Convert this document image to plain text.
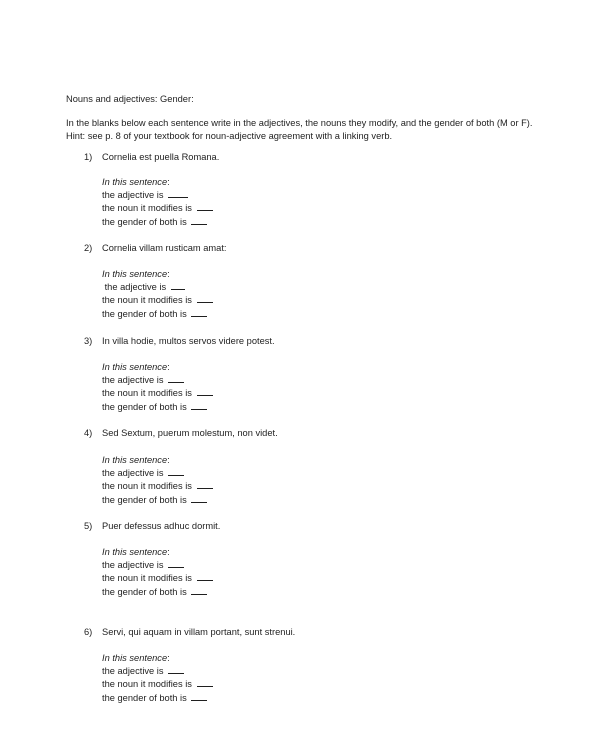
Nouns and adjectives: Gender:
In the blanks below each sentence write in the adjectives, the nouns they modify, and the gender of both (M or F). Hint: see p. 8 of your textbook for noun-adjective agreement with a linking verb.
1) Cornelia est puella Romana.
In this sentence:
the adjective is
the noun it modifies is
the gender of both is
2) Cornelia villam rusticam amat:
In this sentence:
the adjective is
the noun it modifies is
the gender of both is
3) In villa hodie, multos servos videre potest.
In this sentence:
the adjective is
the noun it modifies is
the gender of both is
4) Sed Sextum, puerum molestum, non videt.
In this sentence:
the adjective is
the noun it modifies is
the gender of both is
5) Puer defessus adhuc dormit.
In this sentence:
the adjective is
the noun it modifies is
the gender of both is
6) Servi, qui aquam in villam portant, sunt strenui.
In this sentence:
the adjective is
the noun it modifies is
the gender of both is
